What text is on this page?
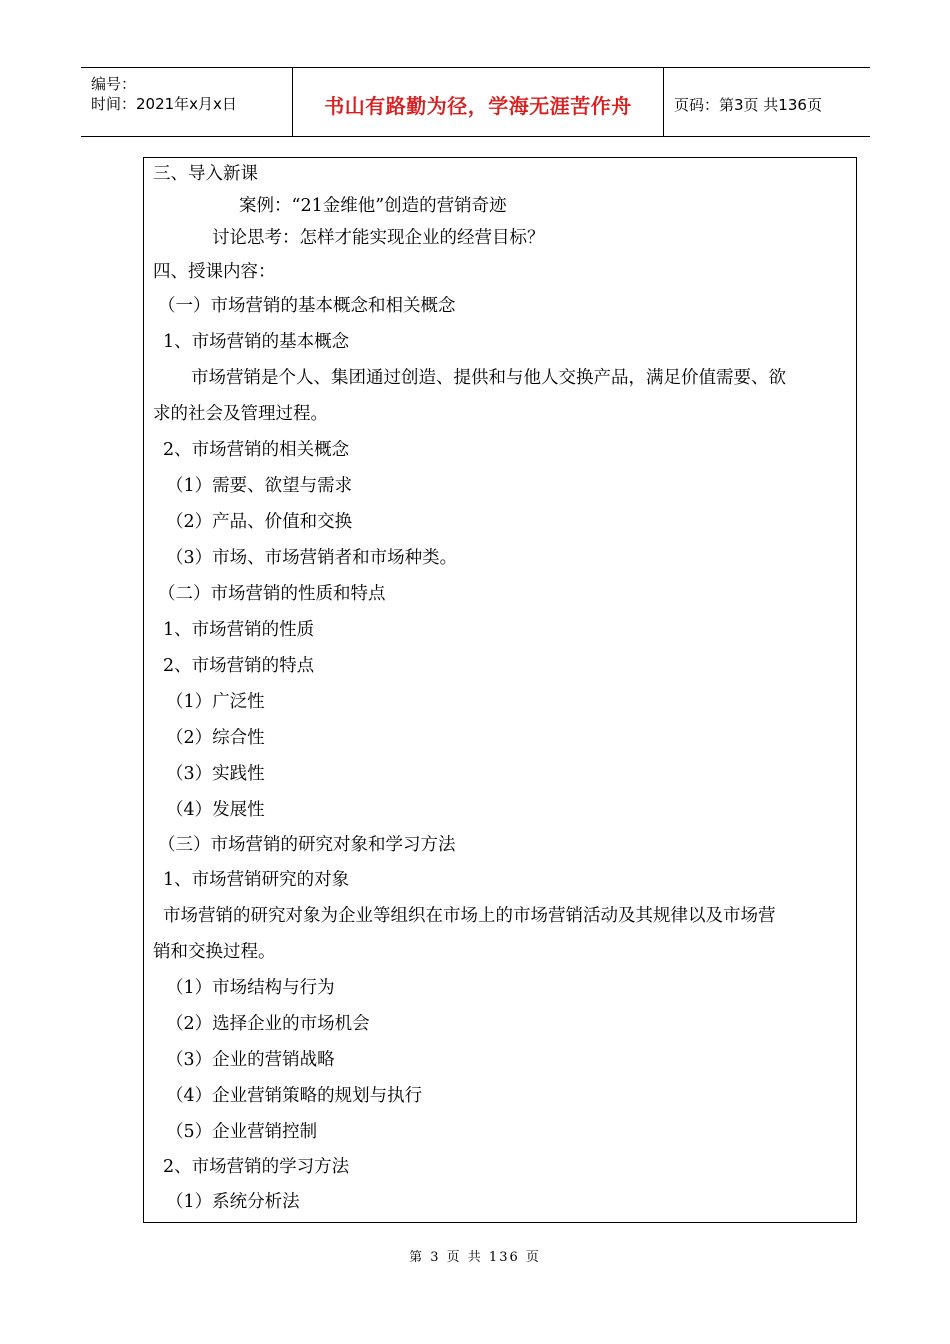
编号：
时间：2021年x月x日	书山有路勤为径，学海无涯苦作舟	页码：第3页 共136页
三、导入新课
案例：“21金维他”创造的营销奇迹
讨论思考：怎样才能实现企业的经营目标？
四、授课内容：
（一）市场营销的基本概念和相关概念
1、市场营销的基本概念
市场营销是个人、集团通过创造、提供和与他人交换产品，满足价值需要、欲
求的社会及管理过程。
2、市场营销的相关概念
（1）需要、欲望与需求
（2）产品、价值和交换
（3）市场、市场营销者和市场种类。
（二）市场营销的性质和特点
1、市场营销的性质
2、市场营销的特点
（1）广泛性
（2）综合性
（3）实践性
（4）发展性
（三）市场营销的研究对象和学习方法
1、市场营销研究的对象
市场营销的研究对象为企业等组织在市场上的市场营销活动及其规律以及市场营
销和交换过程。
（1）市场结构与行为
（2）选择企业的市场机会
（3）企业的营销战略
（4）企业营销策略的规划与执行
（5）企业营销控制
2、市场营销的学习方法
（1）系统分析法
第 3 页 共 136 页
